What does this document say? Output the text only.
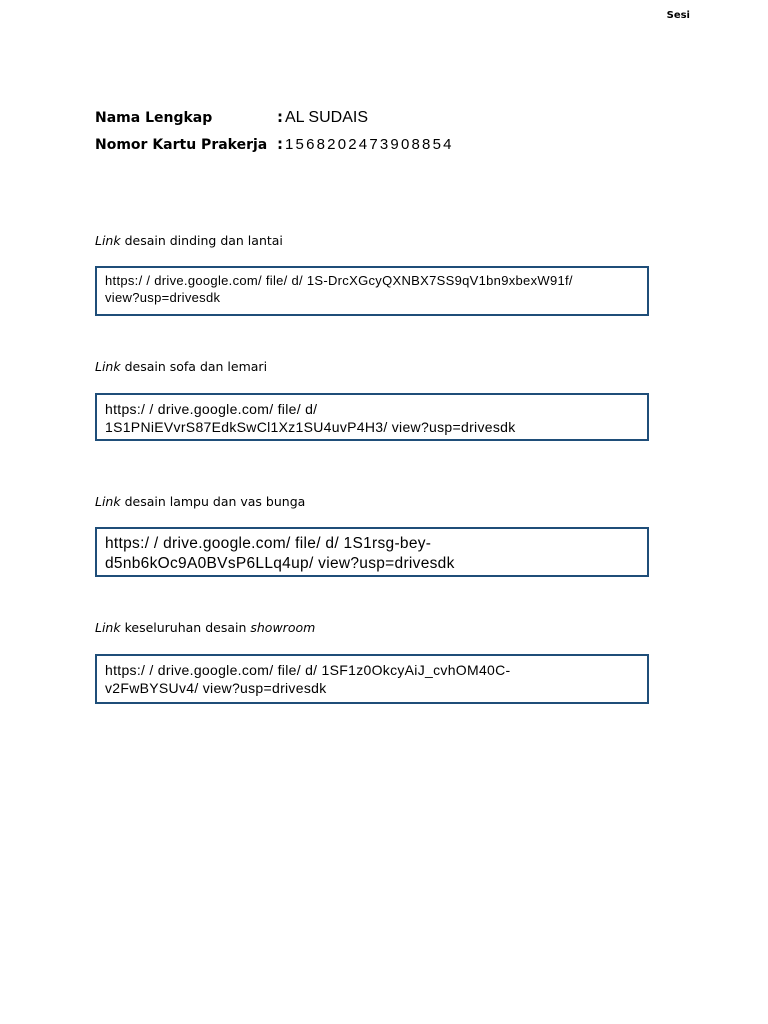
Sesi
Nama Lengkap	: AL SUDAIS
Nomor Kartu Prakerja : 1568202473908854
Link desain dinding dan lantai
https:/ / drive.google.com/ file/ d/ 1S-DrcXGcyQXNBX7SS9qV1bn9xbexW91f/
view?usp=drivesdk
Link desain sofa dan lemari
https:/ / drive.google.com/ file/ d/
1S1PNiEVvrS87EdkSwCl1Xz1SU4uvP4H3/ view?usp=drivesdk
Link desain lampu dan vas bunga
https:/ / drive.google.com/ file/ d/ 1S1rsg-bey-
d5nb6kOc9A0BVsP6LLq4up/ view?usp=drivesdk
Link keseluruhan desain showroom
https:/ / drive.google.com/ file/ d/ 1SF1z0OkcyAiJ_cvhOM40C-
v2FwBYSUv4/ view?usp=drivesdk
